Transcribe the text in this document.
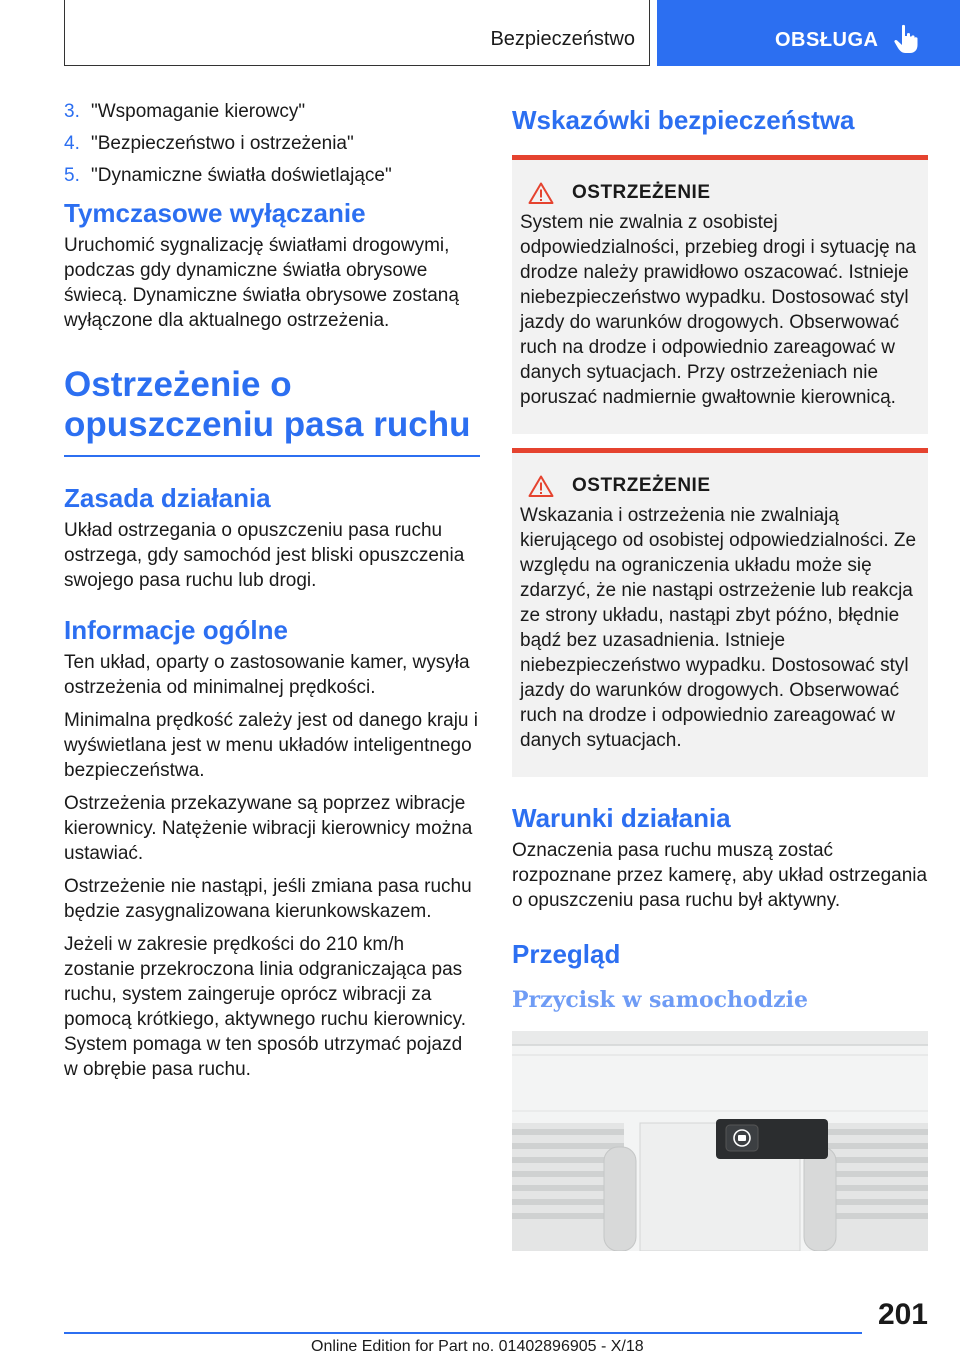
Bezpieczeństwo	OBSŁUGA
3. "Wspomaganie kierowcy"
4. "Bezpieczeństwo i ostrzeżenia"
5. "Dynamiczne światła doświetlające"
Tymczasowe wyłączanie

Uruchomić sygnalizację światłami drogowymi, podczas gdy dynamiczne światła obrysowe świecą. Dynamiczne światła obrysowe zostaną wyłączone dla aktualnego ostrzeżenia.

Ostrzeżenie o opuszczeniu pasa ruchu
Zasada działania

Układ ostrzegania o opuszczeniu pasa ruchu ostrzega, gdy samochód jest bliski opuszczenia swojego pasa ruchu lub drogi.

Informacje ogólne

Ten układ, oparty o zastosowanie kamer, wysyła ostrzeżenia od minimalnej prędkości.

Minimalna prędkość zależy jest od danego kraju i wyświetlana jest w menu układów inteligentnego bezpieczeństwa.

Ostrzeżenia przekazywane są poprzez wibracje kierownicy. Natężenie wibracji kierownicy można ustawiać.

Ostrzeżenie nie nastąpi, jeśli zmiana pasa ruchu będzie zasygnalizowana kierunkowskazem.

Jeżeli w zakresie prędkości do 210 km/h zostanie przekroczona linia odgraniczająca pas ruchu, system zaingeruje oprócz wibracji za pomocą krótkiego, aktywnego ruchu kierownicy. System pomaga w ten sposób utrzymać pojazd w obrębie pasa ruchu.

Wskazówki bezpieczeństwa
OSTRZEŻENIE

System nie zwalnia z osobistej odpowiedzialności, przebieg drogi i sytuację na drodze należy prawidłowo oszacować. Istnieje niebezpieczeństwo wypadku. Dostosować styl jazdy do warunków drogowych. Obserwować ruch na drodze i odpowiednio zareagować w danych sytuacjach. Przy ostrzeżeniach nie poruszać nadmiernie gwałtownie kierownicą.

OSTRZEŻENIE

Wskazania i ostrzeżenia nie zwalniają kierującego od osobistej odpowiedzialności. Ze względu na ograniczenia układu może się zdarzyć, że nie nastąpi ostrzeżenie lub reakcja ze strony układu, nastąpi zbyt późno, błędnie bądź bez uzasadnienia. Istnieje niebezpieczeństwo wypadku. Dostosować styl jazdy do warunków drogowych. Obserwować ruch na drodze i odpowiednio zareagować w danych sytuacjach.

Warunki działania

Oznaczenia pasa ruchu muszą zostać rozpoznane przez kamerę, aby układ ostrzegania o opuszczeniu pasa ruchu był aktywny.

Przegląd
Przycisk w samochodzie
201
Online Edition for Part no. 01402896905 - X/18
